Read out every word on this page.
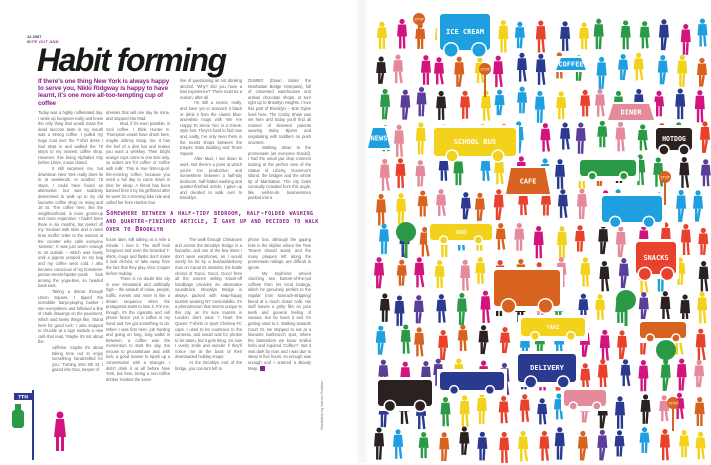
12 2007
BITE OUT AND
Habit forming

If there's one thing New York is always happy to serve you, Nikki Ridgway is happy to have learnt, it's one more all-too-tempting cup of coffee

Today was a highly caffeinated day. I woke up hungover-early and knew the only thing that would mask the dead raccoon taste in my mouth was a strong coffee. I pulled my huge coat over the T-shirt dress I had slept in and walked the 70 steps to my nearest coffee shop. However, this being Alphabet City before 10am, it was closed.

It still surprises me, but downtown New York really does lie in at weekends. In another 75 steps, I could have found an alternative, but was suddenly determined to walk up to my old favourite coffee shop on Irving and 18 St. The coffee here, like the neighbourhood, is more grown-up and more expensive. I hadn't been there in six months, but reeled off my 'medium with skim and a raisin bran muffin' order to the woman at the counter who calls everyone 'sweetie'. It was just warm enough to sit outside – which was lovely until a pigeon pooped on my bag and my coffee went cold. I also became conscious of my homeless-person-meets-hipster-youth look among the yoga-lites, so headed back east.

Taking a detour through Union Square, I tipped the incredible banjo-playing busker I see everywhere and followed a line of chalk drawings on the pavement, which said lovely things like, 'Stand here for good luck.' I also stopped to chuckle at a sign outside a new café that read, 'Maybe it's not about the

caffeine, maybe it's about taking time out to enjoy something handcrafted for you.' Turning onto 9th St, I gazed into Ouo, keeper of

dresses that will one day be mine, and stopped into Mud.

Mud, if it's even possible, is cool coffee. I think Hunter S. Thompson would have drunk here, maybe Johnny Depp, too. It has the feel of a dive bar and makes you want a whiskey. Their bright orange cups come in one size only, so orders are 'for coffee' or 'coffee with milk'. This is true first-cup-of-the-morning coffee, because you need a full day to come down in time for sleep. A friend has been banned from it by his girlfriend after he went for a morning bike ride and called her from Harlem four

line of questioning as not drinking alcohol. 'Why? Did you have a bad experience?' There must be a reason, after all.

I'm still a novice, really, and have yet to stomach it black or drink it from the classic blue-and-white mugs with 'We Are Happy To Serve You' in a Greek-style font. They're hard to find now and, sadly, I've only seen them in the tourist shops between the Empire State Building and Times Square.

After Mud, I sat down to work. But there's a point at which you're too productive, and somewhere between a half-tidy bedroom, half-folded washing and quarter-finished article, I gave up and decided to walk over to Brooklyn.

DUMBO (Down Under the Manhattan Bridge Overpass), full of converted warehouses and artisan chocolate shops, or turn right up to Brooklyn Heights. I love this part of Brooklyn – Bob Dylan lived here, The Cosby Show was set here and today you'll find all manner of stressed parents wearing Baby Bjorns and negotiating with toddlers on push scooters.

Walking down to the promenade (as everyone should), I had the usual jaw drop moment looking at the perfect view of the Statue of Liberty, Governor's Island, the bridges and the whole tip of Manhattan. The city looks comically crowded from this angle, like well-to-do businessmen packed into a

Somewhere between a half-tidy bedroom, half-folded washing and quarter-finished article, I gave up and decided to walk over to Brooklyn

hours later, still talking at a mile a minute. I love it. The staff look hungover and even the branded T-shirts, mugs and flasks don't make it look clichéd, or take away from the fact that they play Alice Cooper before midday.

There is no doubt this city is over stimulated and artificially high – the assault of noise, people, traffic, events and more is like a dream sequence when the protagonist starts to lose it. For me, though, it's the cigarette and cell phone factor: put a coffee in my hand and I've got something to do. When I was first here, job hunting and going on long, long walks in between, a coffee was the momentum to start the day, the excuse to procrastinate and, with luck, a good reason to spark up a conversation with a stranger. I didn't drink it at all before New York, but here, being a non-coffee drinker invokes the same

The walk through Chinatown and across the Brooklyn Bridge is a favourite, and one of the few times I don't wear earphones, as I would surely be hit by a bus/taxi/delivery man on Canal St. Besides, the battle chorus of 'Gucci, Gucci, Gucci' from all the women selling knock-off handbags provides an alternative soundtrack. Brooklyn Bridge is always packed with snap-happy tourists wearing NY memorabilia. It's a phenomenon that seems unique to this city, as I'm sure tourists in London don't wear 'I heart the Queen' T-shirts or sport Chelsea FC caps. I used to be courteous to the cameras, and would wait for photos to be taken, but it gets tiring. So now I overly smile and wonder if they'll notice me at the back of their downloaded holiday snaps.

At the Brooklyn end of the bridge, you can turn left to

phone box, although the gaping hole in the skyline where the Twin Towers should stand, and the many plaques left along the promenade railings, are difficult to ignore.

My boyfriend arrived clutching two bottom-of-the-pot coffees from his local bodega, which he genuinely prefers to the regular (non stomach-stripping) blend at a much closer café. His stuff leaves a gritty film on your teeth and general feeling of nausea, but he loves it and I'm getting used to it. Walking towards Court St, we stopped to eat at a favourite bar/brunch spot, where the bartenders we know smiled hello and inquired 'Coffee?'. But it was dark by now, and I was due to sleep in five hours, so enough was enough and I ordered a Bloody Mary.

Illustration by James Graham
7TH
ICE CREAM
SCHOOL BUS
DINER
HOTDOG
CAFE
TAXI
SNACKS
TAXI
DELIVERY
NEWS
COFFEE
STOP
STOP
STOP
STOP
